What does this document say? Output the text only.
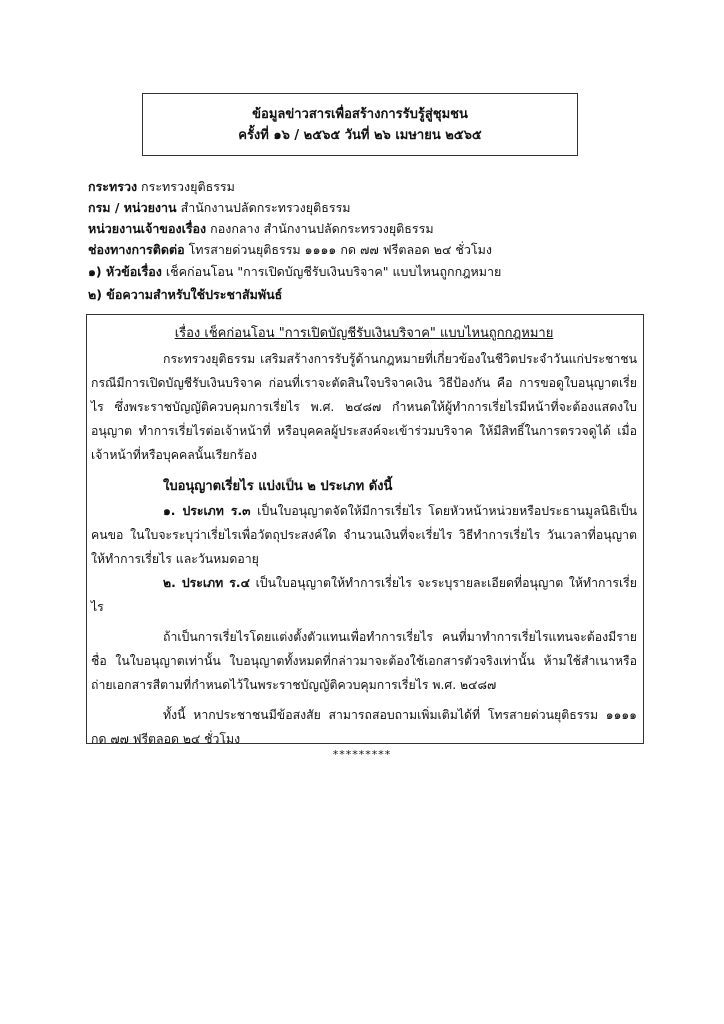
ข้อมูลข่าวสารเพื่อสร้างการรับรู้สู่ชุมชน
ครั้งที่ ๑๖ / ๒๕๖๕ วันที่ ๒๖ เมษายน ๒๕๖๕
กระทรวง กระทรวงยุติธรรม
กรม / หน่วยงาน สำนักงานปลัดกระทรวงยุติธรรม
หน่วยงานเจ้าของเรื่อง กองกลาง สำนักงานปลัดกระทรวงยุติธรรม
ช่องทางการติดต่อ โทรสายด่วนยุติธรรม ๑๑๑๑ กด ๗๗ ฟรีตลอด ๒๔ ชั่วโมง
๑) หัวข้อเรื่อง เช็คก่อนโอน "การเปิดบัญชีรับเงินบริจาค" แบบไหนถูกกฎหมาย
๒) ข้อความสำหรับใช้ประชาสัมพันธ์
เรื่อง เช็คก่อนโอน "การเปิดบัญชีรับเงินบริจาค" แบบไหนถูกกฎหมาย

กระทรวงยุติธรรม เสริมสร้างการรับรู้ด้านกฎหมายที่เกี่ยวข้องในชีวิตประจำวันแก่ประชาชน กรณีมีการเปิดบัญชีรับเงินบริจาค ก่อนที่เราจะตัดสินใจบริจาคเงิน วิธีป้องกัน คือ การขอดูใบอนุญาตเรี่ยไร ซึ่งพระราชบัญญัติควบคุมการเรี่ยไร พ.ศ. ๒๔๘๗ กำหนดให้ผู้ทำการเรี่ยไรมีหน้าที่จะต้องแสดงใบอนุญาต ทำการเรี่ยไรต่อเจ้าหน้าที่ หรือบุคคลผู้ประสงค์จะเข้าร่วมบริจาค ให้มีสิทธิ์ในการตรวจดูได้ เมื่อเจ้าหน้าที่หรือบุคคลนั้นเรียกร้อง

ใบอนุญาตเรี่ยไร แบ่งเป็น ๒ ประเภท ดังนี้

๑. ประเภท ร.๓ เป็นใบอนุญาตจัดให้มีการเรี่ยไร โดยหัวหน้าหน่วยหรือประธานมูลนิธิเป็นคนขอ ในใบจะระบุว่าเรี่ยไรเพื่อวัตถุประสงค์ใด จำนวนเงินที่จะเรี่ยไร วิธีทำการเรี่ยไร วันเวลาที่อนุญาตให้ทำการเรี่ยไร และวันหมดอายุ

๒. ประเภท ร.๔ เป็นใบอนุญาตให้ทำการเรี่ยไร จะระบุรายละเอียดที่อนุญาต ให้ทำการเรี่ยไร

ถ้าเป็นการเรี่ยไรโดยแต่งตั้งตัวแทนเพื่อทำการเรี่ยไร คนที่มาทำการเรี่ยไรแทนจะต้องมีรายชื่อ ในใบอนุญาตเท่านั้น ใบอนุญาตทั้งหมดที่กล่าวมาจะต้องใช้เอกสารตัวจริงเท่านั้น ห้ามใช้สำเนาหรือถ่ายเอกสารสีตามที่กำหนดไว้ในพระราชบัญญัติควบคุมการเรี่ยไร พ.ศ. ๒๔๘๗

ทั้งนี้ หากประชาชนมีข้อสงสัย สามารถสอบถามเพิ่มเติมได้ที่ โทรสายด่วนยุติธรรม ๑๑๑๑ กด ๗๗ ฟรีตลอด ๒๔ ชั่วโมง

*********
